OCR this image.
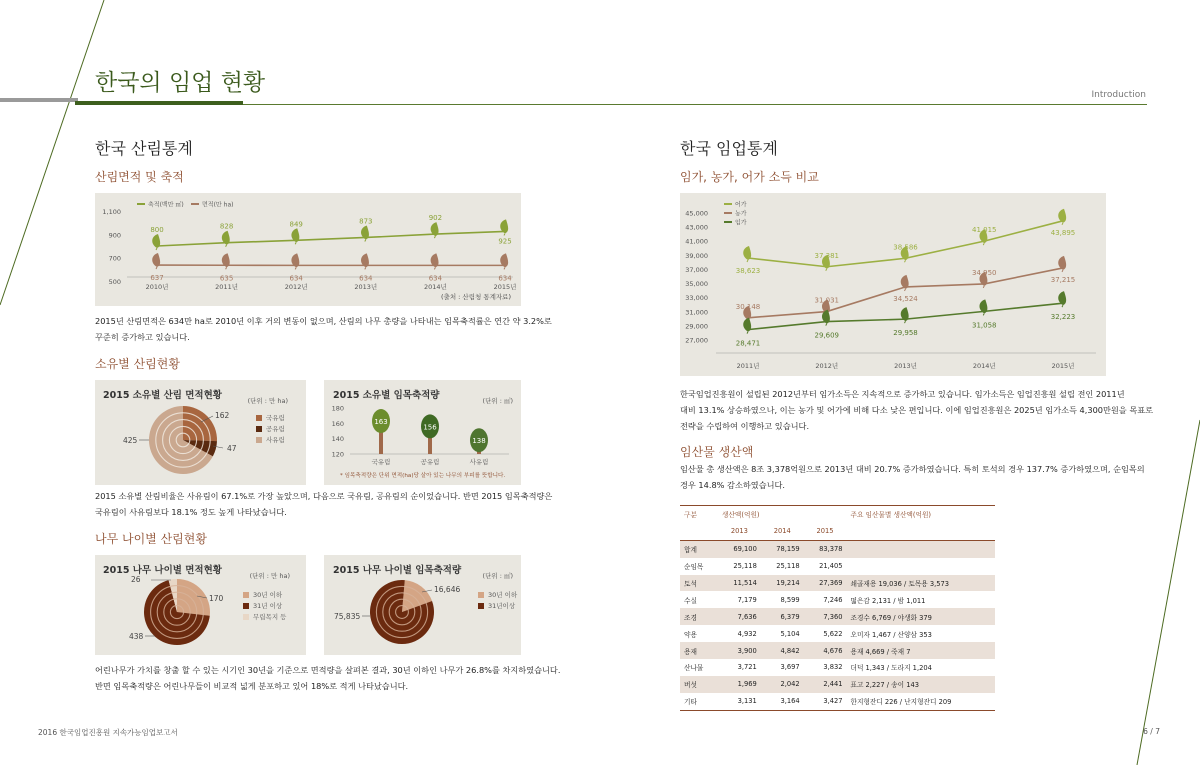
한국의 임업 현황	Introduction
한국 산림통계
산림면적 및 축적
1,100
900
700
500
2010년	2011년	2012년	2013년	2014년	2015년
축적(백만 ㎥)	면적(만 ha)
800	828	849	873	902
925
637	635	634	634	634	634
(출처 : 산림청 통계자료)
2015년 산림면적은 634만 ha로 2010년 이후 거의 변동이 없으며, 산림의 나무 총량을 나타내는 임목축적률은 연간 약 3.2%로
꾸준히 증가하고 있습니다.
소유별 산림현황
2015 소유별 산림 면적현황	(단위 : 만 ha)
162
47
425
국유림
공유림
사유림
2015 소유별 임목축적량	(단위 : ㎥)
180
160
140
120
163
국유림
156
공유림
138
사유림
* 임목축적량은 단위 면적(ha)당 살아 있는 나무의 부피를 뜻합니다.
2015 소유별 산림비율은 사유림이 67.1%로 가장 높았으며, 다음으로 국유림, 공유림의 순이었습니다. 반면 2015 임목축적량은
국유림이 사유림보다 18.1% 정도 높게 나타났습니다.
나무 나이별 산림현황
2015 나무 나이별 면적현황	(단위 : 만 ha)
170
438
26
30년 이하
31년 이상
무립목지 등
2015 나무 나이별 임목축적량	(단위 : ㎥)
16,646
75,835
30년 이하
31년이상
어린나무가 가치를 창출 할 수 있는 시기인 30년을 기준으로 면적량을 살펴본 결과, 30년 이하인 나무가 26.8%를 차지하였습니다.
반면 임목축적량은 어린나무들이 비교적 넓게 분포하고 있어 18%로 적게 나타났습니다.
한국 임업통계
임가, 농가, 어가 소득 비교
45,000
43,000
41,000
39,000
37,000
35,000
33,000
31,000
29,000
27,000
2011년	2012년	2013년	2014년	2015년
어가
농가
임가
38,623
37,381
38,586
41,015	43,895
30,148
31,031	34,524
34,950
37,215
28,471
29,609	29,958
31,058
32,223
한국임업진흥원이 설립된 2012년부터 임가소득은 지속적으로 증가하고 있습니다. 임가소득은 임업진흥원 설립 전인 2011년
대비 13.1% 상승하였으나, 이는 농가 및 어가에 비해 다소 낮은 편입니다. 이에 임업진흥원은 2025년 임가소득 4,300만원을 목표로
전략을 수립하여 이행하고 있습니다.
임산물 생산액
임산물 총 생산액은 8조 3,378억원으로 2013년 대비 20.7% 증가하였습니다. 특히 토석의 경우 137.7% 증가하였으며, 순임목의
경우 14.8% 감소하였습니다.
구분	생산액(억원)			주요 임산물별 생산액(억원)
	2013	2014	2015	
합계	69,100	78,159	83,378	
순임목	25,118	25,118	21,405	
토석	11,514	19,214	27,369	쇄골재용 19,036 / 토목용 3,573
수실	7,179	8,599	7,246	떫은감 2,131 / 밤 1,011
조경	7,636	6,379	7,360	조경수 6,769 / 야생화 379
약용	4,932	5,104	5,622	오미자 1,467 / 산양삼 353
용재	3,900	4,842	4,676	용재 4,669 / 죽재 7
산나물	3,721	3,697	3,832	더덕 1,343 / 도라지 1,204
버섯	1,969	2,042	2,441	표고 2,227 / 송이 143
기타	3,131	3,164	3,427	한지형잔디 226 / 난지형잔디 209
2016 한국임업진흥원 지속가능임업보고서	6 / 7
